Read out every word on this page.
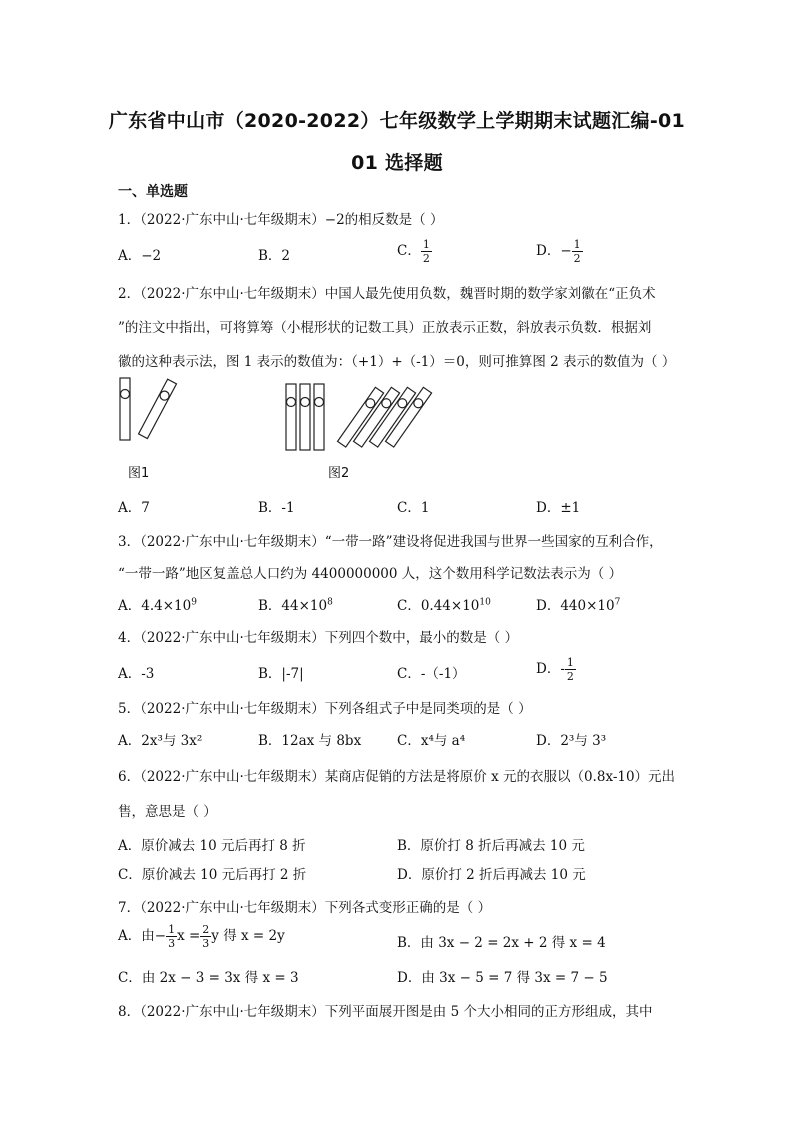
广东省中山市（2020-2022）七年级数学上学期期末试题汇编-01
01 选择题
一、单选题
1．（2022·广东中山·七年级期末）−2的相反数是（ ）
A．−2	B．2	C． $\frac{1}{2}$	D．− $\frac{1}{2}$
2．（2022·广东中山·七年级期末）中国人最先使用负数，魏晋时期的数学家刘徽在“正负术
”的注文中指出，可将算筹（小棍形状的记数工具）正放表示正数，斜放表示负数．根据刘
徽的这种表示法，图 1 表示的数值为：（+1）+（-1）＝0，则可推算图 2 表示的数值为（ ）
图1	图2
A．7	B．-1	C．1	D．±1
3．（2022·广东中山·七年级期末）“一带一路”建设将促进我国与世界一些国家的互利合作，
“一带一路”地区复盖总人口约为 4400000000 人，这个数用科学记数法表示为（ ）
A．$4.4\times 10^9$	B．$44\times 10^8$	C．$0.44\times 10^{10}$	D．$440\times 10^7$
4．（2022·广东中山·七年级期末）下列四个数中，最小的数是（ ）
A．-3	B．|-7|	C．-（-1）	D．- $\frac{1}{2}$
5．（2022·广东中山·七年级期末）下列各组式子中是同类项的是（ ）
A．2x³与 3x²	B．12ax 与 8bx	C．x⁴与 a⁴	D．2³与 3³
6．（2022·广东中山·七年级期末）某商店促销的方法是将原价 x 元的衣服以（0.8x-10）元出
售，意思是（ ）
A．原价减去 10 元后再打 8 折	B．原价打 8 折后再减去 10 元
C．原价减去 10 元后再打 2 折	D．原价打 2 折后再减去 10 元
7．（2022·广东中山·七年级期末）下列各式变形正确的是（ ）
A．由− $\frac{1}{3}$ $x = \frac{2}{3}$ y 得 x = 2y	B．由 3x − 2 = 2x + 2 得 x = 4
C．由 2x − 3 = 3x 得 x = 3	D．由 3x − 5 = 7 得 3x = 7 − 5
8．（2022·广东中山·七年级期末）下列平面展开图是由 5 个大小相同的正方形组成，其中
